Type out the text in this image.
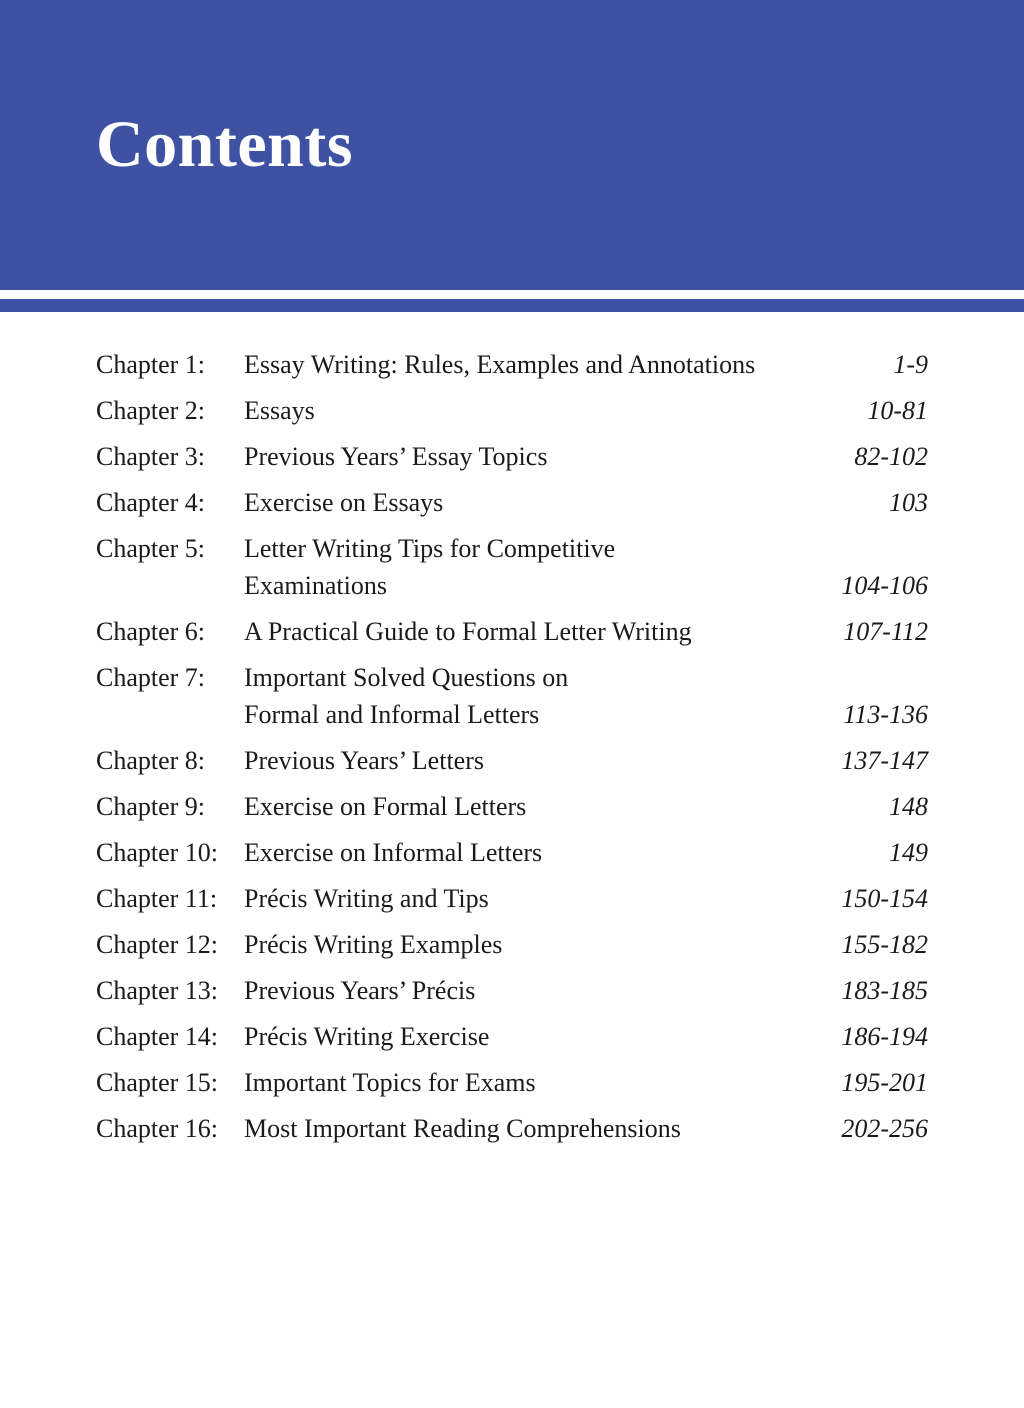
Contents
Chapter 1:	Essay Writing: Rules, Examples and Annotations	1-9
Chapter 2:	Essays	10-81
Chapter 3:	Previous Years’ Essay Topics	82-102
Chapter 4:	Exercise on Essays	103
Chapter 5:	Letter Writing Tips for Competitive
Examinations	104-106
Chapter 6:	A Practical Guide to Formal Letter Writing	107-112
Chapter 7:	Important Solved Questions on
Formal and Informal Letters	113-136
Chapter 8:	Previous Years’ Letters	137-147
Chapter 9:	Exercise on Formal Letters	148
Chapter 10: Exercise on Informal Letters	149
Chapter 11:	Précis Writing and Tips	150-154
Chapter 12: Précis Writing Examples	155-182
Chapter 13: Previous Years’ Précis	183-185
Chapter 14: Précis Writing Exercise	186-194
Chapter 15: Important Topics for Exams	195-201
Chapter 16: Most Important Reading Comprehensions	202-256
